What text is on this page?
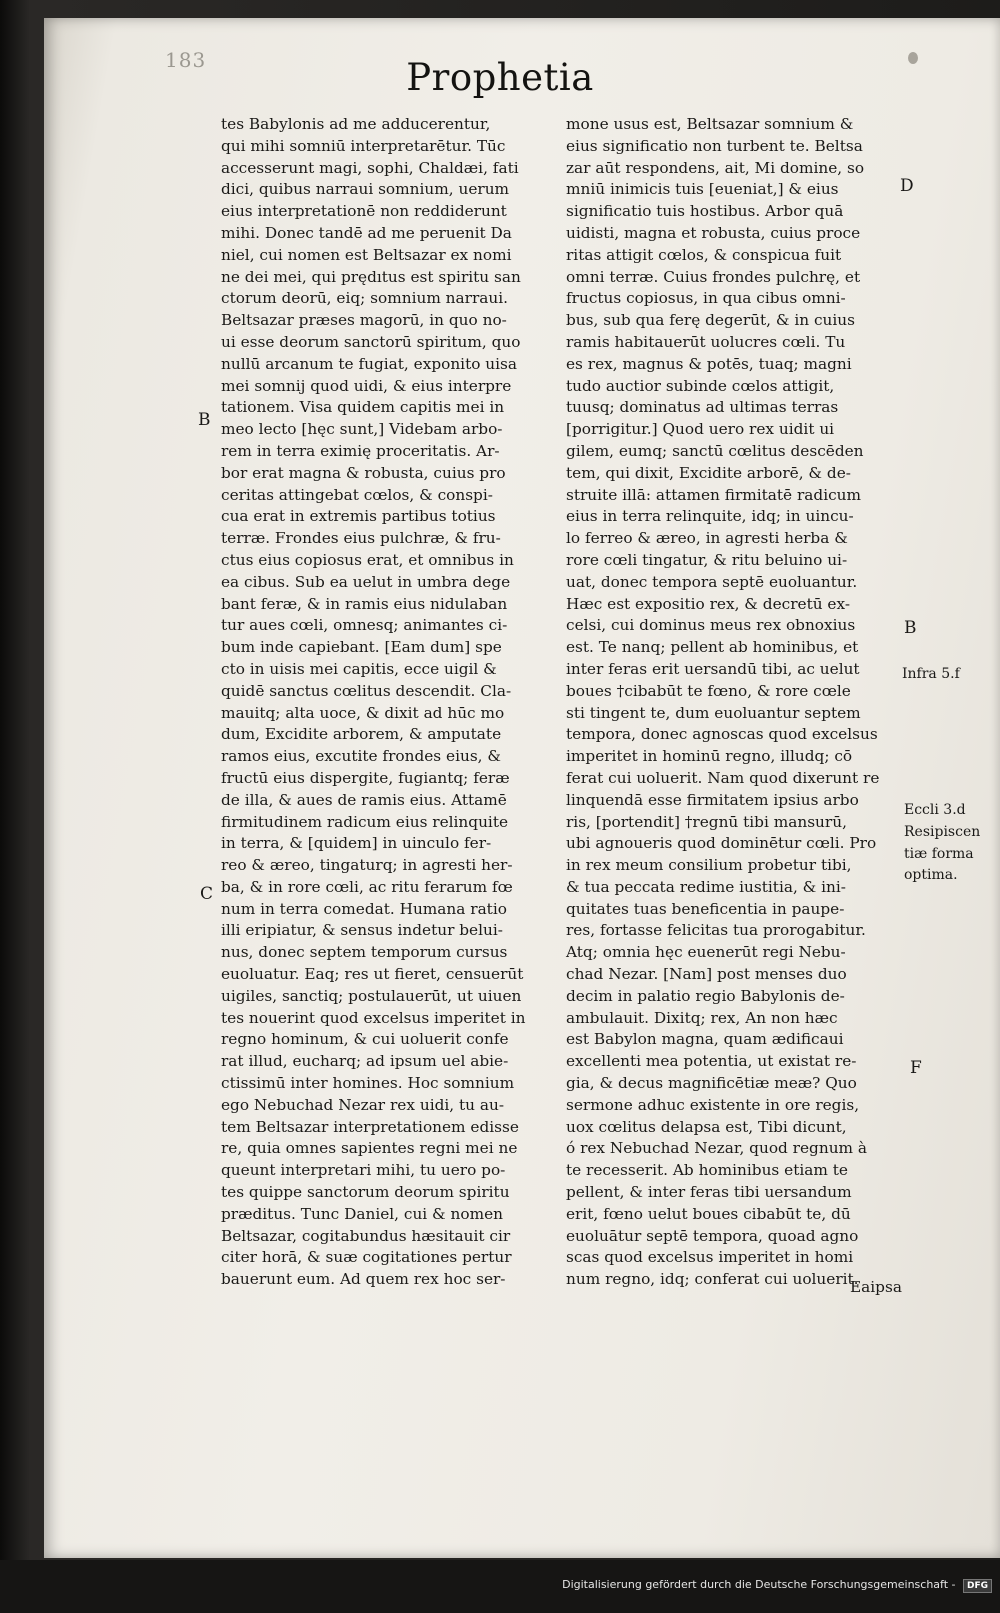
183	Prophetia
tes Babylonis ad me adducerentur,
qui mihi somniū interpretarētur. Tūc
accesserunt magi, sophi, Chaldæi, fati
dici, quibus narraui somnium, uerum
eius interpretationē non reddiderunt
mihi. Donec tandē ad me peruenit Da
niel, cui nomen est Beltsazar ex nomi
ne dei mei, qui prędıtus est spiritu san
ctorum deorū, eiq; somnium narraui.
Beltsazar præses magorū, in quo no-
ui esse deorum sanctorū spiritum, quo
nullū arcanum te fugiat, exponito uisa
mei somnij quod uidi, & eius interpre
tationem. Visa quidem capitis mei in
meo lecto [hęc sunt,] Videbam arbo-
rem in terra eximię proceritatis. Ar-
bor erat magna & robusta, cuius pro
ceritas attingebat cœlos, & conspi-
cua erat in extremis partibus totius
terræ. Frondes eius pulchræ, & fru-
ctus eius copiosus erat, et omnibus in
ea cibus. Sub ea uelut in umbra dege
bant feræ, & in ramis eius nidulaban
tur aues cœli, omnesq; animantes ci-
bum inde capiebant. [Eam dum] spe
cto in uisis mei capitis, ecce uigil &
quidē sanctus cœlitus descendit. Cla-
mauitq; alta uoce, & dixit ad hūc mo
dum, Excidite arborem, & amputate
ramos eius, excutite frondes eius, &
fructū eius dispergite, fugiantq; feræ
de illa, & aues de ramis eius. Attamē
firmitudinem radicum eius relinquite
in terra, & [quidem] in uinculo fer-
reo & æreo, tingaturq; in agresti her-
ba, & in rore cœli, ac ritu ferarum fœ
num in terra comedat. Humana ratio
illi eripiatur, & sensus indetur belui-
nus, donec septem temporum cursus
euoluatur. Eaq; res ut fieret, censuerūt
uigiles, sanctiq; postulauerūt, ut uiuen
tes nouerint quod excelsus imperitet in
regno hominum, & cui uoluerit confe
rat illud, eucharq; ad ipsum uel abie-
ctissimū inter homines. Hoc somnium
ego Nebuchad Nezar rex uidi, tu au-
tem Beltsazar interpretationem edisse
re, quia omnes sapientes regni mei ne
queunt interpretari mihi, tu uero po-
tes quippe sanctorum deorum spiritu
præditus. Tunc Daniel, cui & nomen
Beltsazar, cogitabundus hæsitauit cir
citer horā, & suæ cogitationes pertur
bauerunt eum. Ad quem rex hoc ser-
mone usus est, Beltsazar somnium &
eius significatio non turbent te. Beltsa
zar aūt respondens, ait, Mi domine, so
mniū inimicis tuis [eueniat,] & eius
significatio tuis hostibus. Arbor quā
uidisti, magna et robusta, cuius proce
ritas attigit cœlos, & conspicua fuit
omni terræ. Cuius frondes pulchrę, et
fructus copiosus, in qua cibus omni-
bus, sub qua ferę degerūt, & in cuius
ramis habitauerūt uolucres cœli. Tu
es rex, magnus & potēs, tuaq; magni
tudo auctior subinde cœlos attigit,
tuusq; dominatus ad ultimas terras
[porrigitur.] Quod uero rex uidit ui
gilem, eumq; sanctū cœlitus descēden
tem, qui dixit, Excidite arborē, & de-
struite illā: attamen firmitatē radicum
eius in terra relinquite, idq; in uincu-
lo ferreo & æreo, in agresti herba &
rore cœli tingatur, & ritu beluino ui-
uat, donec tempora septē euoluantur.
Hæc est expositio rex, & decretū ex-
celsi, cui dominus meus rex obnoxius
est. Te nanq; pellent ab hominibus, et
inter feras erit uersandū tibi, ac uelut
boues †cibabūt te fœno, & rore cœle
sti tingent te, dum euoluantur septem
tempora, donec agnoscas quod excelsus
imperitet in hominū regno, illudq; cō
ferat cui uoluerit. Nam quod dixerunt re
linquendā esse firmitatem ipsius arbo
ris, [portendit] †regnū tibi mansurū,
ubi agnoueris quod dominētur cœli. Pro
in rex meum consilium probetur tibi,
& tua peccata redime iustitia, & ini-
quitates tuas beneficentia in paupe-
res, fortasse felicitas tua prorogabitur.
Atq; omnia hęc euenerūt regi Nebu-
chad Nezar. [Nam] post menses duo
decim in palatio regio Babylonis de-
ambulauit. Dixitq; rex, An non hæc
est Babylon magna, quam ædificaui
excellenti mea potentia, ut existat re-
gia, & decus magnificētiæ meæ? Quo
sermone adhuc existente in ore regis,
uox cœlitus delapsa est, Tibi dicunt,
ó rex Nebuchad Nezar, quod regnum à
te recesserit. Ab hominibus etiam te
pellent, & inter feras tibi uersandum
erit, fœno uelut boues cibabūt te, dū
euoluātur septē tempora, quoad agno
scas quod excelsus imperitet in homi
num regno, idq; conferat cui uoluerit.
B
C
D
B
F
Infra 5.f
Eccli 3.d
Resipiscen
tiæ forma
optima.
Eaipsa
Digitalisierung gefördert durch die Deutsche Forschungsgemeinschaft - DFG
